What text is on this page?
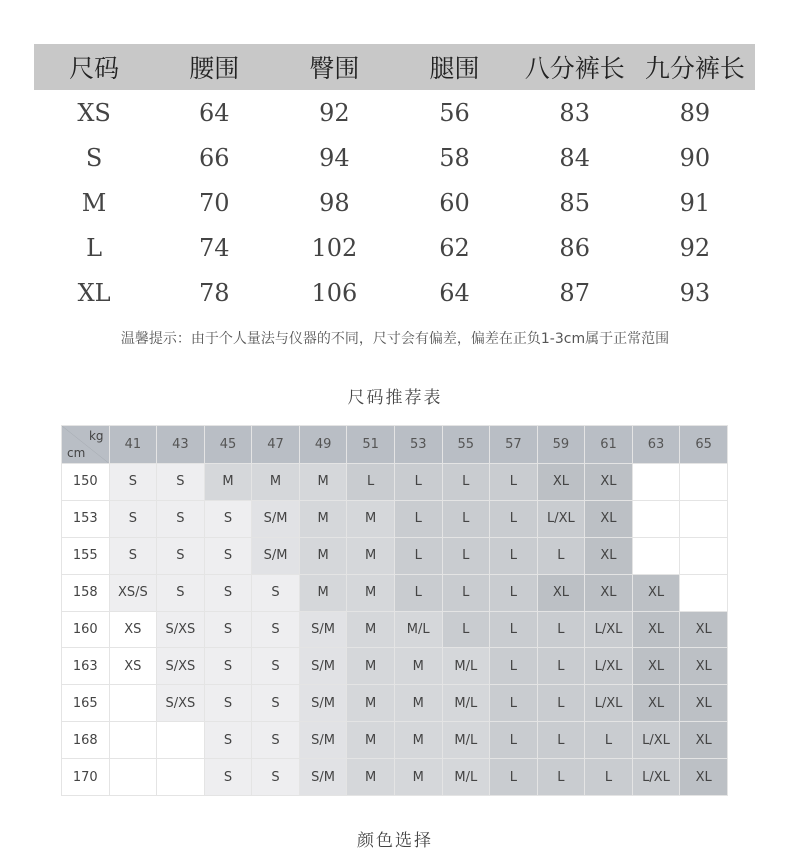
尺码	腰围	臀围	腿围	八分裤长	九分裤长
XS	64	92	56	83	89
S	66	94	58	84	90
M	70	98	60	85	91
L	74	102	62	86	92
XL	78	106	64	87	93
温馨提示：由于个人量法与仪器的不同，尺寸会有偏差，偏差在正负1-3cm属于正常范围
尺码推荐表
kg
cm	41	43	45	47	49	51	53	55	57	59	61	63	65
150	S	S	M	M	M	L	L	L	L	XL	XL		
153	S	S	S	S/M	M	M	L	L	L	L/XL	XL		
155	S	S	S	S/M	M	M	L	L	L	L	XL		
158	XS/S	S	S	S	M	M	L	L	L	XL	XL	XL	
160	XS	S/XS	S	S	S/M	M	M/L	L	L	L	L/XL	XL	XL
163	XS	S/XS	S	S	S/M	M	M	M/L	L	L	L/XL	XL	XL
165		S/XS	S	S	S/M	M	M	M/L	L	L	L/XL	XL	XL
168			S	S	S/M	M	M	M/L	L	L	L	L/XL	XL
170			S	S	S/M	M	M	M/L	L	L	L	L/XL	XL
颜色选择
